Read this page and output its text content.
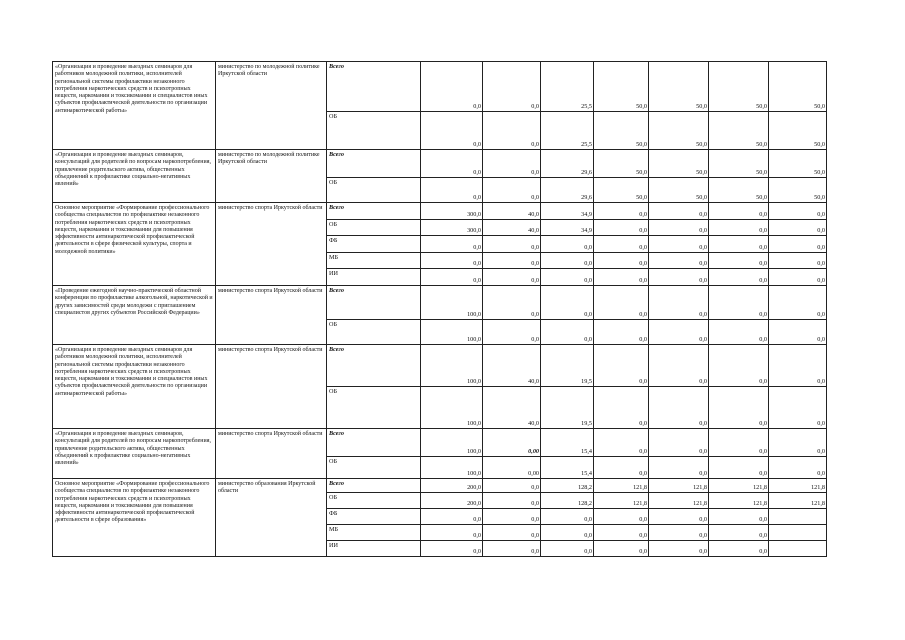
«Организация и проведение выездных семинаров для работников молодежной политики, исполнителей региональной системы профилактики незаконного потребления наркотических средств и психотропных веществ, наркомании и токсикомании и специалистов иных субъектов профилактической деятельности по организации антинаркотической работы»	министерство по молодежной политике Иркутской области	Всего	0,0	0,0	25,5	50,0	50,0	50,0	50,0
		ОБ	0,0	0,0	25,5	50,0	50,0	50,0	50,0
«Организация и проведение выездных семинаров, консультаций для родителей по вопросам наркопотребления, привлечение родительского актива, общественных объединений к профилактике социально-негативных явлений»	министерство по молодежной политике Иркутской области	Всего	0,0	0,0	29,6	50,0	50,0	50,0	50,0
		ОБ	0,0	0,0	29,6	50,0	50,0	50,0	50,0
Основное мероприятие «Формирование профессионального сообщества специалистов по профилактике незаконного потребления наркотических средств и психотропных веществ, наркомании и токсикомании для повышения эффективности антинаркотической профилактической деятельности в сфере физической культуры, спорта и молодежной политики»	министерство спорта Иркутской области	Всего	300,0	40,0	34,9	0,0	0,0	0,0	0,0
		ОБ	300,0	40,0	34,9	0,0	0,0	0,0	0,0
		ФБ	0,0	0,0	0,0	0,0	0,0	0,0	0,0
		МБ	0,0	0,0	0,0	0,0	0,0	0,0	0,0
		ИИ	0,0	0,0	0,0	0,0	0,0	0,0	0,0
«Проведение ежегодной научно-практической областной конференции по профилактике алкогольной, наркотической и других зависимостей среди молодежи с приглашением специалистов других субъектов Российской Федерации»	министерство спорта Иркутской области	Всего	100,0	0,0	0,0	0,0	0,0	0,0	0,0
		ОБ	100,0	0,0	0,0	0,0	0,0	0,0	0,0
«Организация и проведение выездных семинаров для работников молодежной политики, исполнителей региональной системы профилактики незаконного потребления наркотических средств и психотропных веществ, наркомании и токсикомании и специалистов иных субъектов профилактической деятельности по организации антинаркотической работы»	министерство спорта Иркутской области	Всего	100,0	40,0	19,5	0,0	0,0	0,0	0,0
		ОБ	100,0	40,0	19,5	0,0	0,0	0,0	0,0
«Организация и проведение выездных семинаров, консультаций для родителей по вопросам наркопотребления, привлечение родительского актива, общественных объединений к профилактике социально-негативных явлений»	министерство спорта Иркутской области	Всего	100,0	0,00	15,4	0,0	0,0	0,0	0,0
		ОБ	100,0	0,00	15,4	0,0	0,0	0,0	0,0
Основное мероприятие «Формирование профессионального сообщества специалистов по профилактике незаконного потребления наркотических средств и психотропных веществ, наркомании и токсикомании для повышения эффективности антинаркотической профилактической деятельности в сфере образования»	министерство образования Иркутской области	Всего	200,0	0,0	128,2	121,8	121,8	121,8	121,8
		ОБ	200,0	0,0	128,2	121,8	121,8	121,8	121,8
		ФБ	0,0	0,0	0,0	0,0	0,0	0,0	
		МБ	0,0	0,0	0,0	0,0	0,0	0,0	
		ИИ	0,0	0,0	0,0	0,0	0,0	0,0	
